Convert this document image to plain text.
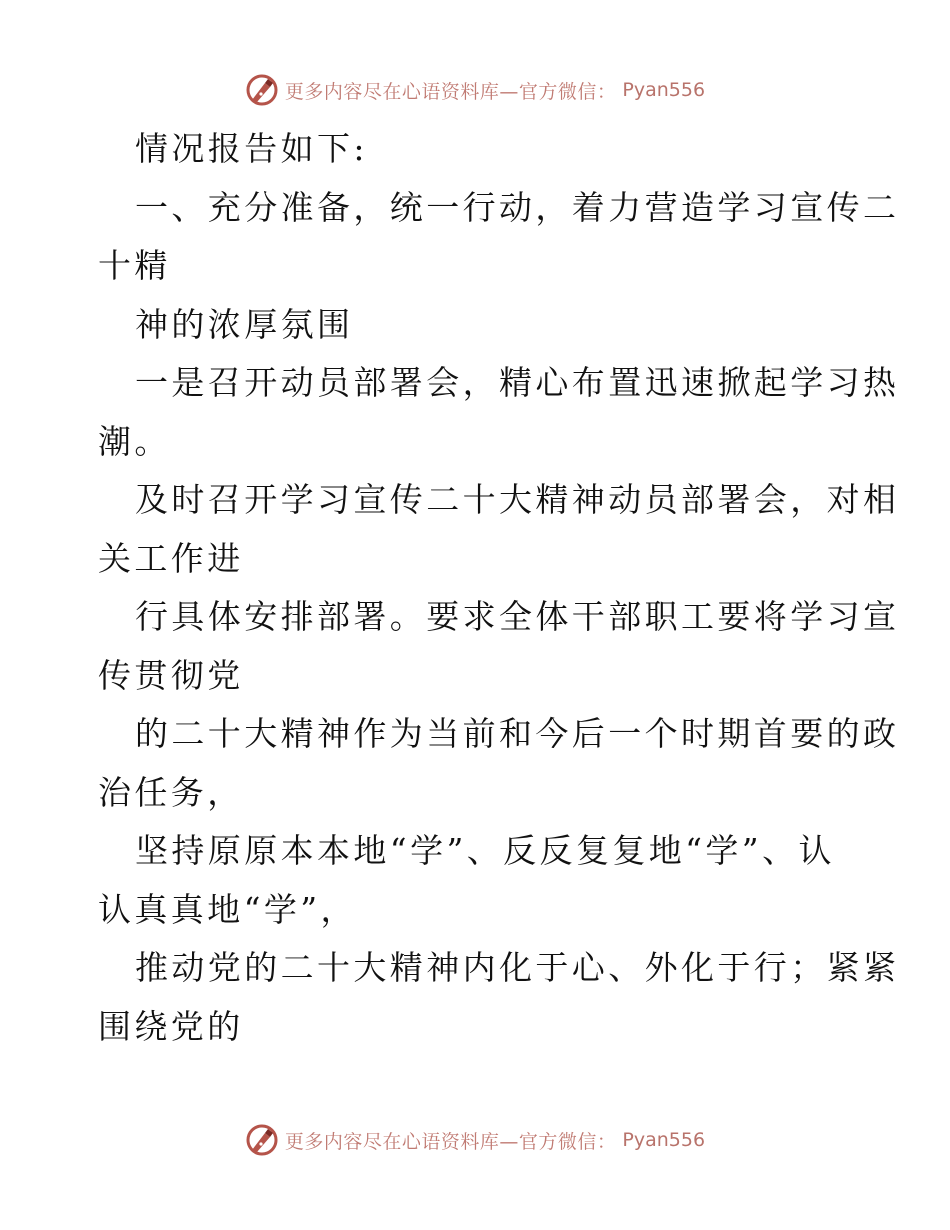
更多内容尽在心语资料库—官方微信： Pyan556
情况报告如下:
一、充分准备，统一行动，着力营造学习宣传二
十精
神的浓厚氛围
一是召开动员部署会，精心布置迅速掀起学习热
潮。
及时召开学习宣传二十大精神动员部署会，对相
关工作进
行具体安排部署。要求全体干部职工要将学习宣
传贯彻党
的二十大精神作为当前和今后一个时期首要的政
治任务，
坚持原原本本地“学”、反反复复地“学”、认
认真真地“学”，
推动党的二十大精神内化于心、外化于行；紧紧
围绕党的
更多内容尽在心语资料库—官方微信： Pyan556
